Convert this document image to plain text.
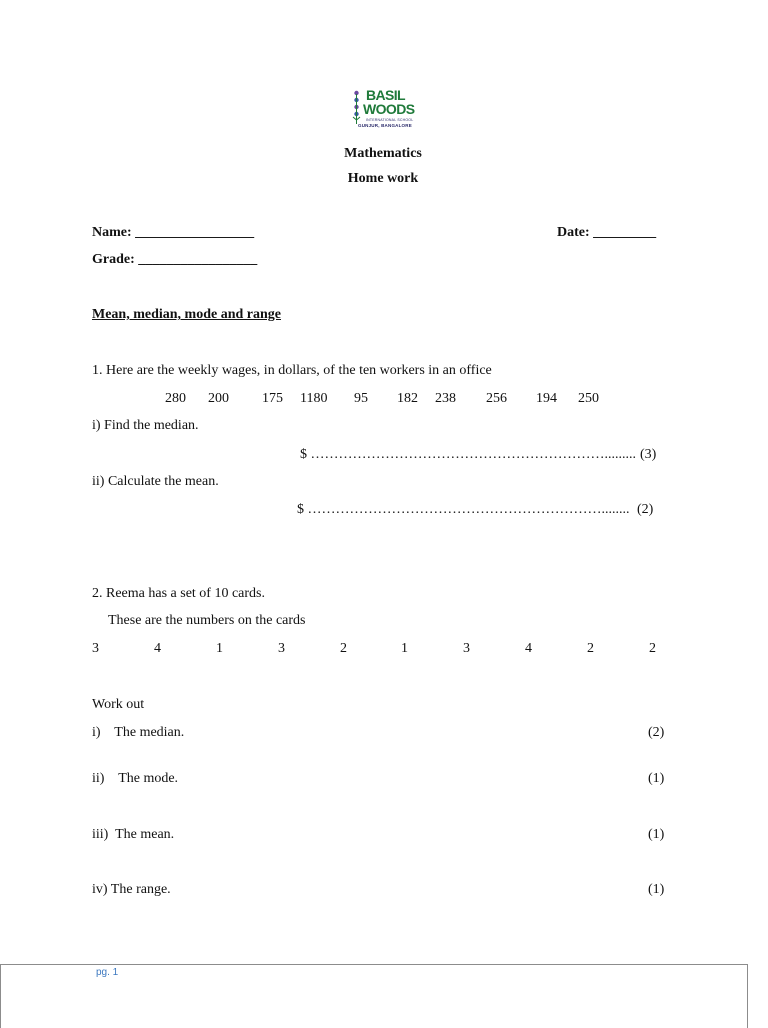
BASIL
WOODS
INTERNATIONAL SCHOOL
GUNJUR, BANGALORE
Mathematics
Home work
Name: _________________	Date: _________
Grade: _________________
Mean, median, mode and range
1. Here are the weekly wages, in dollars, of the ten workers in an office
280 200 175 1180 95 182 238 256 194 250
i) Find the median.
$ ………………………………………………………......... (3)
ii) Calculate the mean.
$ ………………………………………………………........ (2)
2. Reema has a set of 10 cards.
These are the numbers on the cards
3	4	1	3	2	1	3	4	2	2
Work out
i)    The median.	(2)
ii)    The mode.	(1)
iii)  The mean.	(1)
iv) The range.	(1)
pg. 1
